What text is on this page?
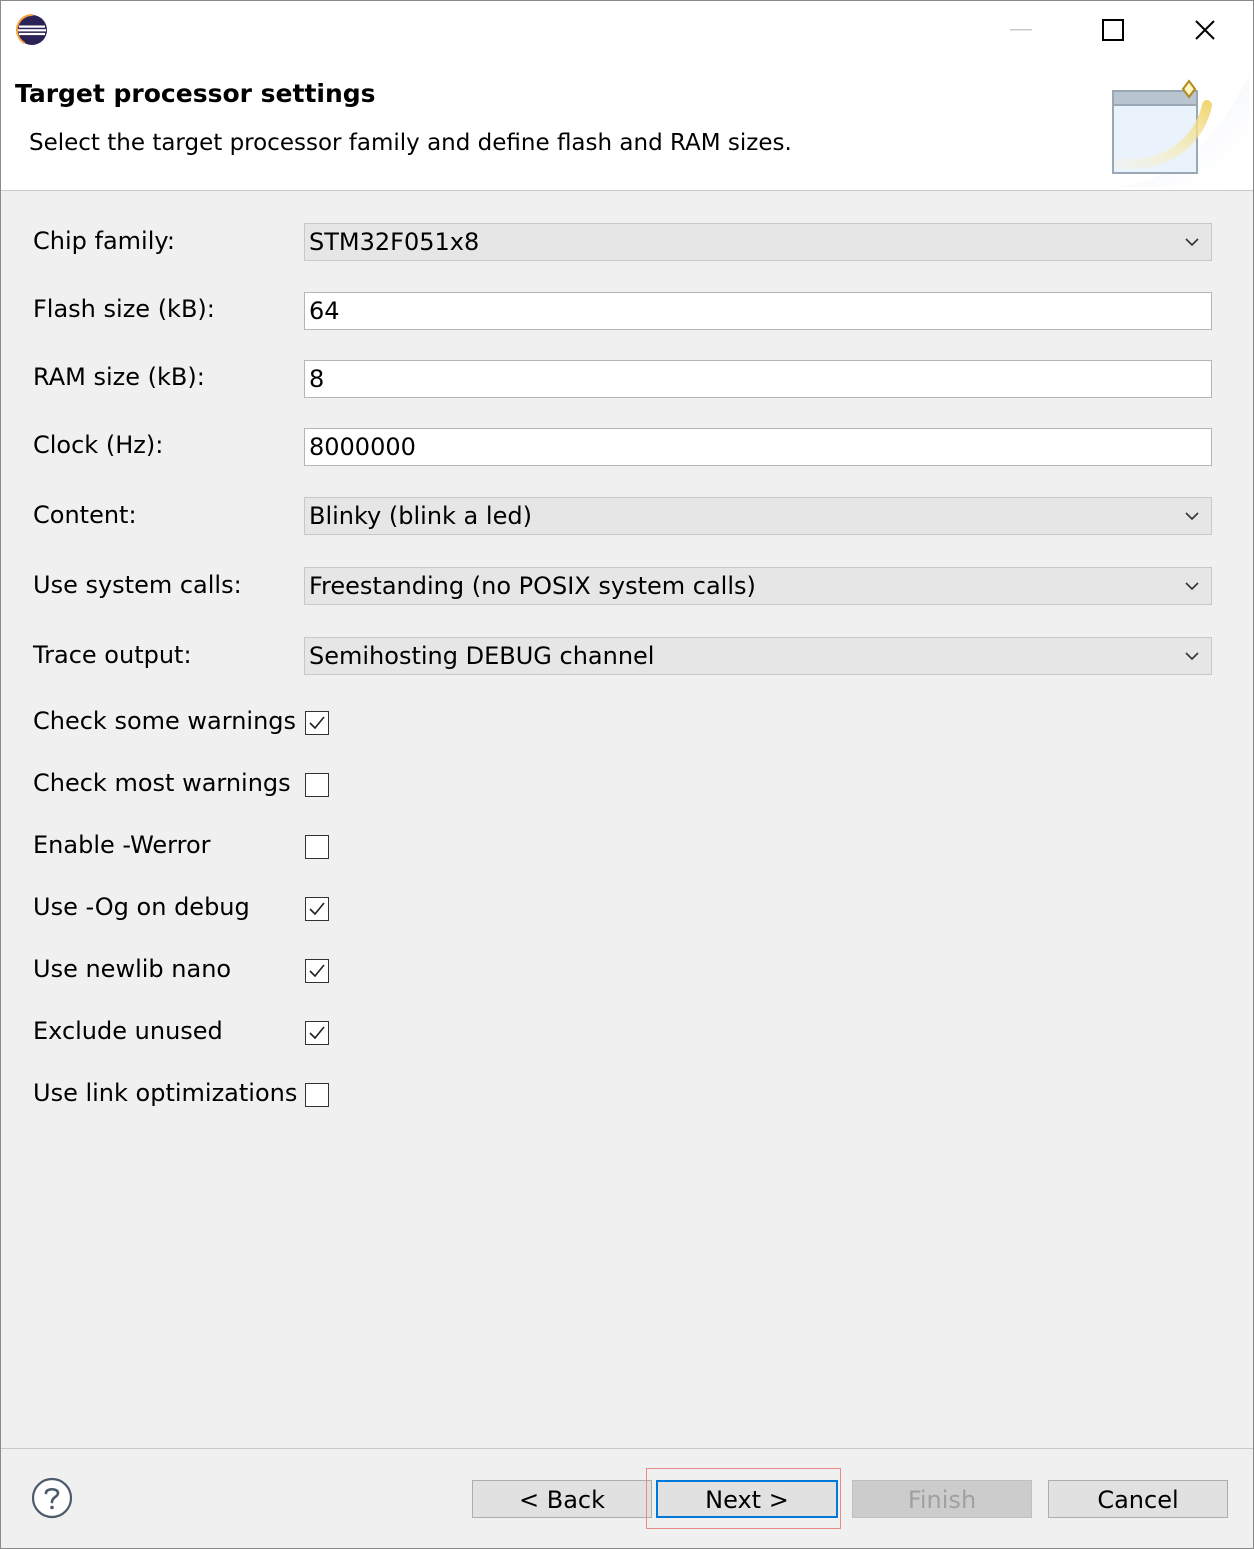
Target processor settings
Select the target processor family and define flash and RAM sizes.
Chip family:	STM32F051x8
Flash size (kB):	64
RAM size (kB):	8
Clock (Hz):	8000000
Content:	Blinky (blink a led)
Use system calls:	Freestanding (no POSIX system calls)
Trace output:	Semihosting DEBUG channel
Check some warnings
Check most warnings
Enable -Werror
Use -Og on debug
Use newlib nano
Exclude unused
Use link optimizations
< Back	Next >	Finish	Cancel
